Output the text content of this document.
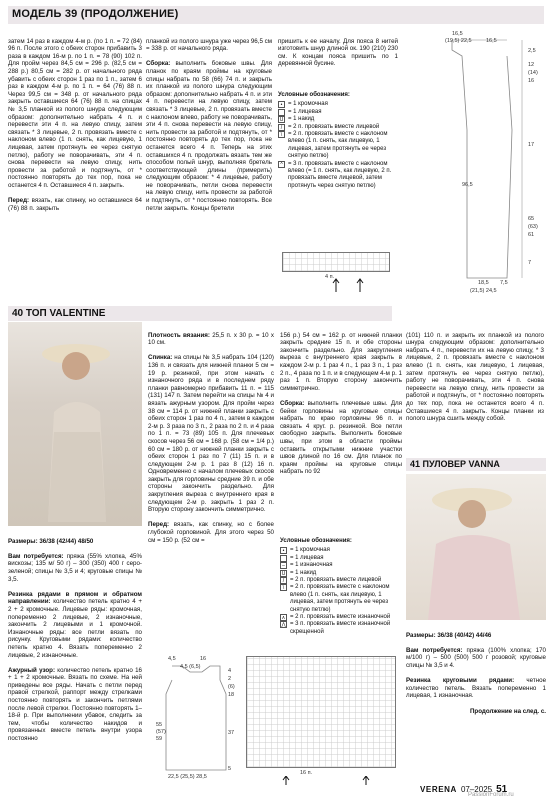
МОДЕЛЬ 39 (ПРОДОЛЖЕНИЕ)

затем 14 раз в каждом 4-м р. (по 1 п. = 72 (84) 96 п. После этого с обеих сторон прибавить 3 раза в каждом 16-м р. по 1 п. = 78 (90) 102 п. Для пройм через 84,5 см = 296 р. (82,5 см = 288 р.) 80,5 см = 282 р. от начального ряда убавить с обеих сторон 1 раз по 1 п., затем 6 раз в каждом 4-м р. по 1 п. = 64 (76) 88 п. Через 99,5 см = 348 р. от начального ряда закрыть оставшиеся 64 (76) 88 п. на спицах № 3,5 планкой из полого шнура следующим образом: дополнительно набрать 4 п. и перевести эти 4 п. на левую спицу, затем связать * 3 лицевые, 2 п. провязать вместе с наклоном влево (1 п. снять, как лицевую, 1 лицевая, затем протянуть ее через снятую петлю), работу не поворачивать, эти 4 п. снова перевести на левую спицу, нить провести за работой и подтянуть, от * постоянно повторять до тех пор, пока не останется 4 п. Оставшиеся 4 п. закрыть.

Перед: вязать, как спинку, но оставшиеся 64 (76) 88 п. закрыть

планкой из полого шнура уже через 96,5 см = 338 р. от начального ряда.

Сборка: выполнить боковые швы. Для планок по краям проймы на круговые спицы набрать по 58 (66) 74 п. и закрыть их планкой из полого шнура следующим образом: дополнительно набрать 4 п. и эти 4 п. перевести на левую спицу, затем связать * 3 лицевые, 2 п. провязать вместе с наклоном влево, работу не поворачивать, эти 4 п. снова перевести на левую спицу, нить провести за работой и подтянуть, от * постоянно повторять до тех пор, пока не останется всего 4 п. Теперь на этих оставшихся 4 п. продолжать вязать тем же способом полый шнур, выполняя бретель соответствующей длины (примерить) следующим образом: * 4 лицевые, работу не поворачивать, петли снова перевести на левую спицу, нить провести за работой и подтянуть, от * постоянно повторять. Все петли закрыть. Концы бретели

пришить к ее началу. Для пояса 8 нитей изготовить шнур длиной ок. 190 (210) 230 см. К концам пояса пришить по 1 деревянной бусине.

Условные обозначения:
• = 1 кромочная
= 1 лицевая
U = 1 накид
/ = 2 п. провязать вместе лицевой
\ = 2 п. провязать вместе с наклоном влево (1 п. снять, как лицевую, 1 лицевая, затем протянуть ее через снятую петлю)
^ = 3 п. провязать вместе с наклоном влево (= 1 п. снять, как лицевую, 2 п. провязать вместе лицевой, затем протянуть через снятую петлю)
4 п.
16,5
(19,5) 22,5	16,5
2,5
12
(14)
16
17
96,5
65
(63)
61
7
18,5 7,5
(21,5) 24,5
40 ТОП VALENTINE

Размеры: 36/38 (42/44) 48/50

Вам потребуется: пряжа (55% хлопка, 45% вискозы; 135 м/ 50 г) – 300 (350) 400 г серо-зеленой; спицы № 3,5 и 4; круговые спицы № 3,5.

Резинка рядами в прямом и обратном направлении: количество петель кратно 4 + 2 + 2 кромочные. Лицевые ряды: кромочная, попеременно 2 лицевые, 2 изнаночные, закончить 2 лицевыми и 1 кромочной. Изнаночные ряды: все петли вязать по рисунку. Круговыми рядами: количество петель кратно 4. Вязать попеременно 2 лицевые, 2 изнаночные.

Ажурный узор: количество петель кратно 16 + 1 + 2 кромочные. Вязать по схеме. На ней приведены все ряды. Начать с петли перед правой стрелкой, раппорт между стрелками постоянно повторять и закончить петлями после левой стрелки. Постоянно повторять 1–18-й р. При выполнении убавок, следить за тем, чтобы количество накидов и провязанных вместе петель внутри узора постоянно

Плотность вязания: 25,5 п. х 30 р. = 10 х 10 см.

Спинка: на спицы № 3,5 набрать 104 (120) 136 п. и связать для нижней планки 5 см = 19 р. резинкой, при этом начать с изнаночного ряда и в последнем ряду планки равномерно прибавить 11 п. = 115 (131) 147 п. Затем перейти на спицы № 4 и вязать ажурным узором. Для пройм через 38 см = 114 р. от нижней планки закрыть с обеих сторон 1 раз по 4 п., затем в каждом 2-м р. 3 раза по 3 п., 2 раза по 2 п. и 4 раза по 1 п. = 73 (89) 105 п. Для плечевых скосов через 56 см = 168 р. (58 см = 1/4 р.) 60 см = 180 р. от нижней планки закрыть с обеих сторон 1 раз по 7 (11) 15 п. и в следующем 2-м р. 1 раз 8 (12) 16 п. Одновременно с началом плечевых скосов закрыть для горловины средние 39 п. и обе стороны закончить раздельно. Для закругления выреза с внутреннего края в следующем 2-м р. закрыть 1 раз 2 п. Вторую сторону закончить симметрично.

Перед: вязать, как спинку, но с более глубокой горловиной. Для этого через 50 см = 150 р. (52 см =

156 р.) 54 см = 162 р. от нижней планки закрыть средние 15 п. и обе стороны закончить раздельно. Для закругления выреза с внутреннего края закрыть в каждом 2-м р. 1 раз 4 п., 1 раз 3 п., 1 раз 2 п., 4 раза по 1 п. и в следующем 4-м р. 1 раз 1 п. Вторую сторону закончить симметрично.

Сборка: выполнить плечевые швы. Для бейки горловины на круговые спицы набрать по краю горловины 96 п. и связать 4 круг. р. резинкой. Все петли свободно закрыть. Выполнить боковые швы, при этом в области проймы оставить открытыми нижние участки швов длиной по 16 см. Для планок по краям проймы на круговые спицы набрать по 92

Условные обозначения:
• = 1 кромочная
= 1 лицевая
– = 1 изнаночная
U = 1 накид
/ = 2 п. провязать вместе лицевой
\ = 2 п. провязать вместе с наклоном влево (1 п. снять, как лицевую, 1 лицевая, затем протянуть ее через снятую петлю)
∧ = 2 п. провязать вместе изнаночной
⋀ = 3 п. провязать вместе изнаночной скрещенной
4,5
4,5 (6,5)
16
4
2
(6)
18
55
(57)
59
5
37
22,5 (25,5) 28,5
16 п.

(101) 110 п. и закрыть их планкой из полого шнура следующим образом: дополнительно набрать 4 п., перевести их на левую спицу, * 3 лицевые, 2 п. провязать вместе с наклоном влево (1 п. снять, как лицевую, 1 лицевая, затем протянуть ее через снятую петлю), работу не поворачивать, эти 4 п. снова перевести на левую спицу, нить провести за работой и подтянуть, от * постоянно повторять до тех пор, пока не останется всего 4 п. Оставшиеся 4 п. закрыть. Концы планки из полого шнура сшить между собой.

41 ПУЛОВЕР VANNA

Размеры: 36/38 (40/42) 44/46

Вам потребуется: пряжа (100% хлопка; 170 м/100 г) – 500 (500) 500 г розовой; круговые спицы № 3,5 и 4.

Резинка круговыми рядами: четное количество петель. Вязать попеременно 1 лицевая, 1 изнаночная.

Продолжение на след. с.

VERENA 07–2025 51
PassionForum.ru
